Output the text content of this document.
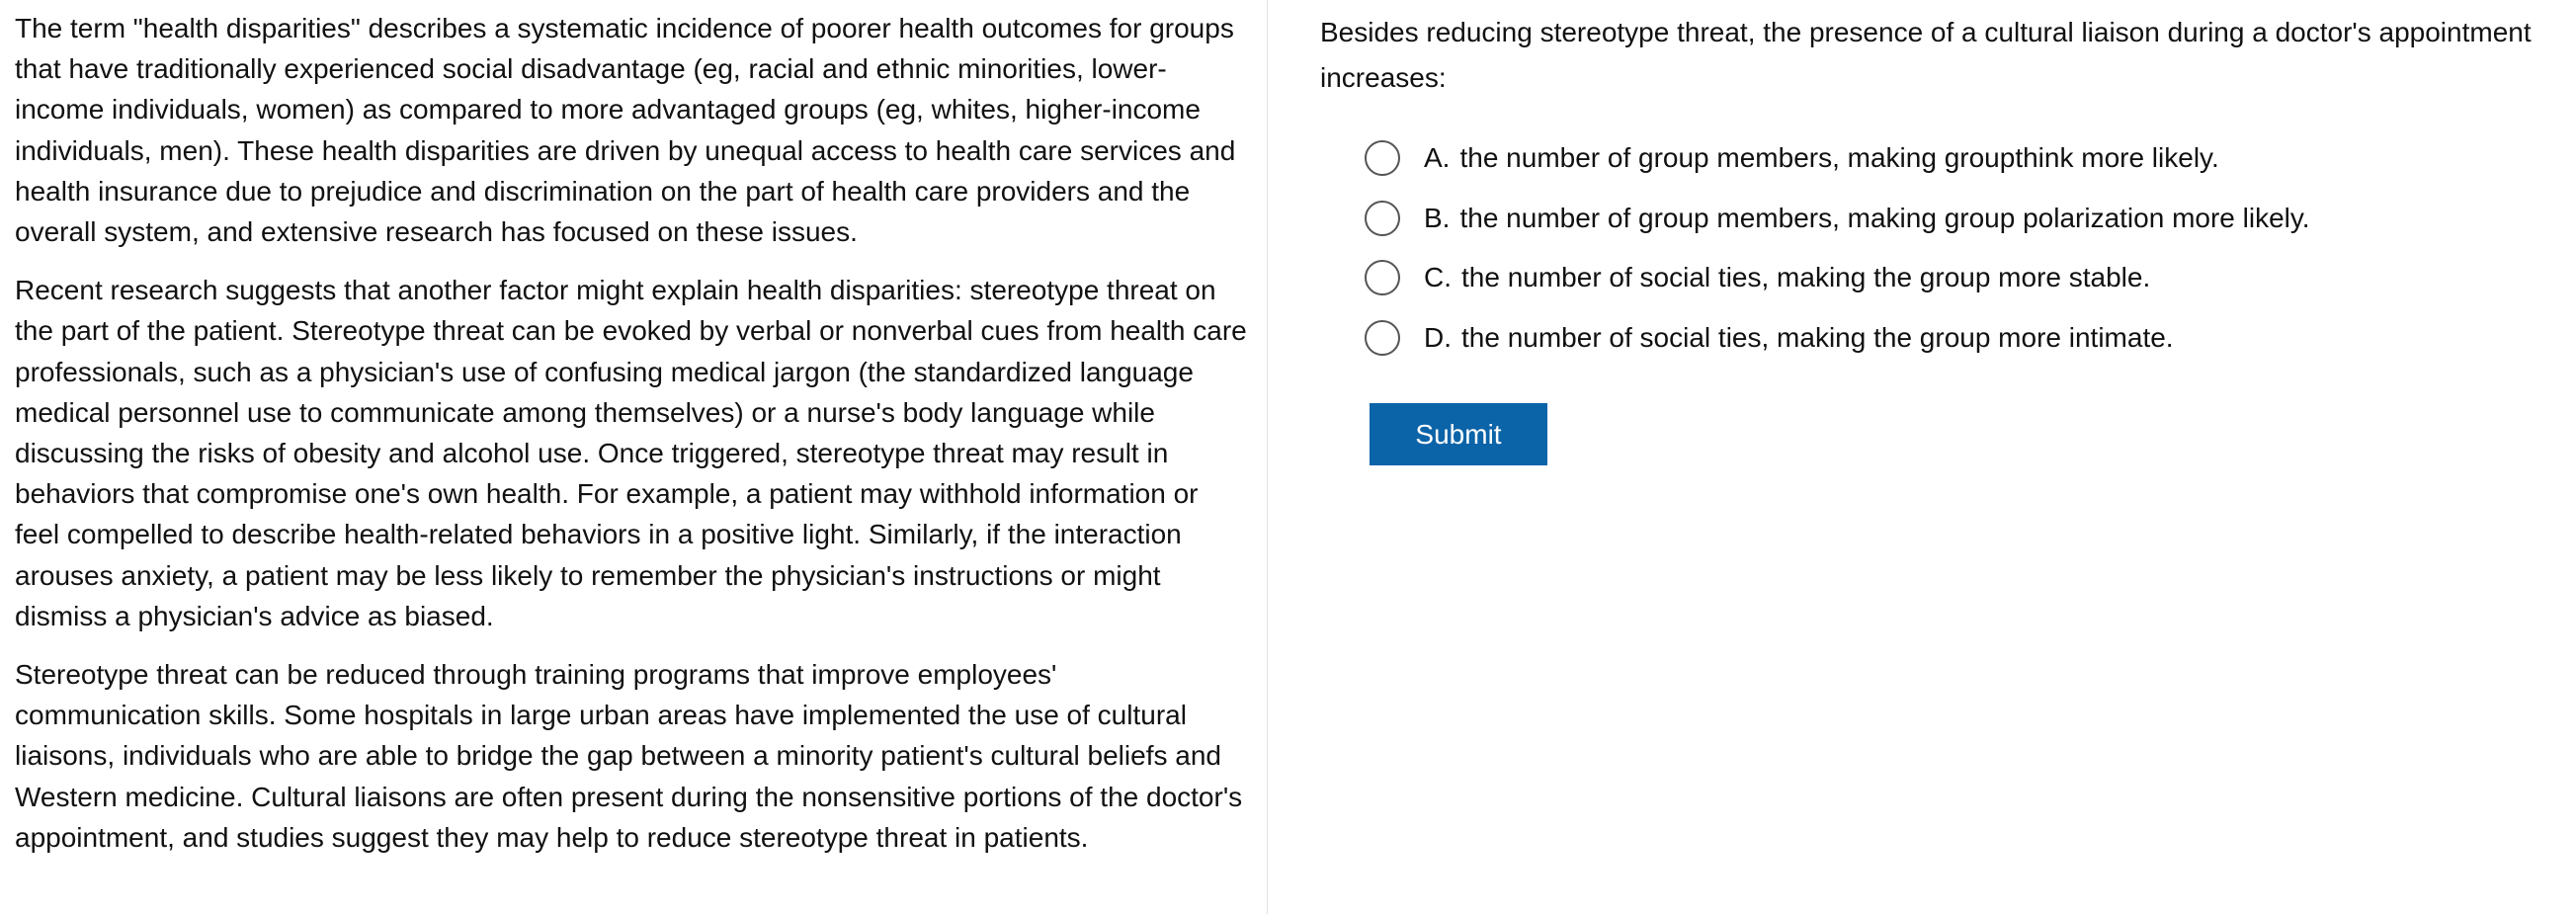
The term "health disparities" describes a systematic incidence of poorer health outcomes for groups that have traditionally experienced social disadvantage (eg, racial and ethnic minorities, lower-income individuals, women) as compared to more advantaged groups (eg, whites, higher-income individuals, men). These health disparities are driven by unequal access to health care services and health insurance due to prejudice and discrimination on the part of health care providers and the overall system, and extensive research has focused on these issues.

Recent research suggests that another factor might explain health disparities: stereotype threat on the part of the patient. Stereotype threat can be evoked by verbal or nonverbal cues from health care professionals, such as a physician's use of confusing medical jargon (the standardized language medical personnel use to communicate among themselves) or a nurse's body language while discussing the risks of obesity and alcohol use. Once triggered, stereotype threat may result in behaviors that compromise one's own health. For example, a patient may withhold information or feel compelled to describe health-related behaviors in a positive light. Similarly, if the interaction arouses anxiety, a patient may be less likely to remember the physician's instructions or might dismiss a physician's advice as biased.

Stereotype threat can be reduced through training programs that improve employees' communication skills. Some hospitals in large urban areas have implemented the use of cultural liaisons, individuals who are able to bridge the gap between a minority patient's cultural beliefs and Western medicine. Cultural liaisons are often present during the nonsensitive portions of the doctor's appointment, and studies suggest they may help to reduce stereotype threat in patients.

Besides reducing stereotype threat, the presence of a cultural liaison during a doctor's appointment increases:
A. the number of group members, making groupthink more likely.
B. the number of group members, making group polarization more likely.
C. the number of social ties, making the group more stable.
D. the number of social ties, making the group more intimate.
Submit
